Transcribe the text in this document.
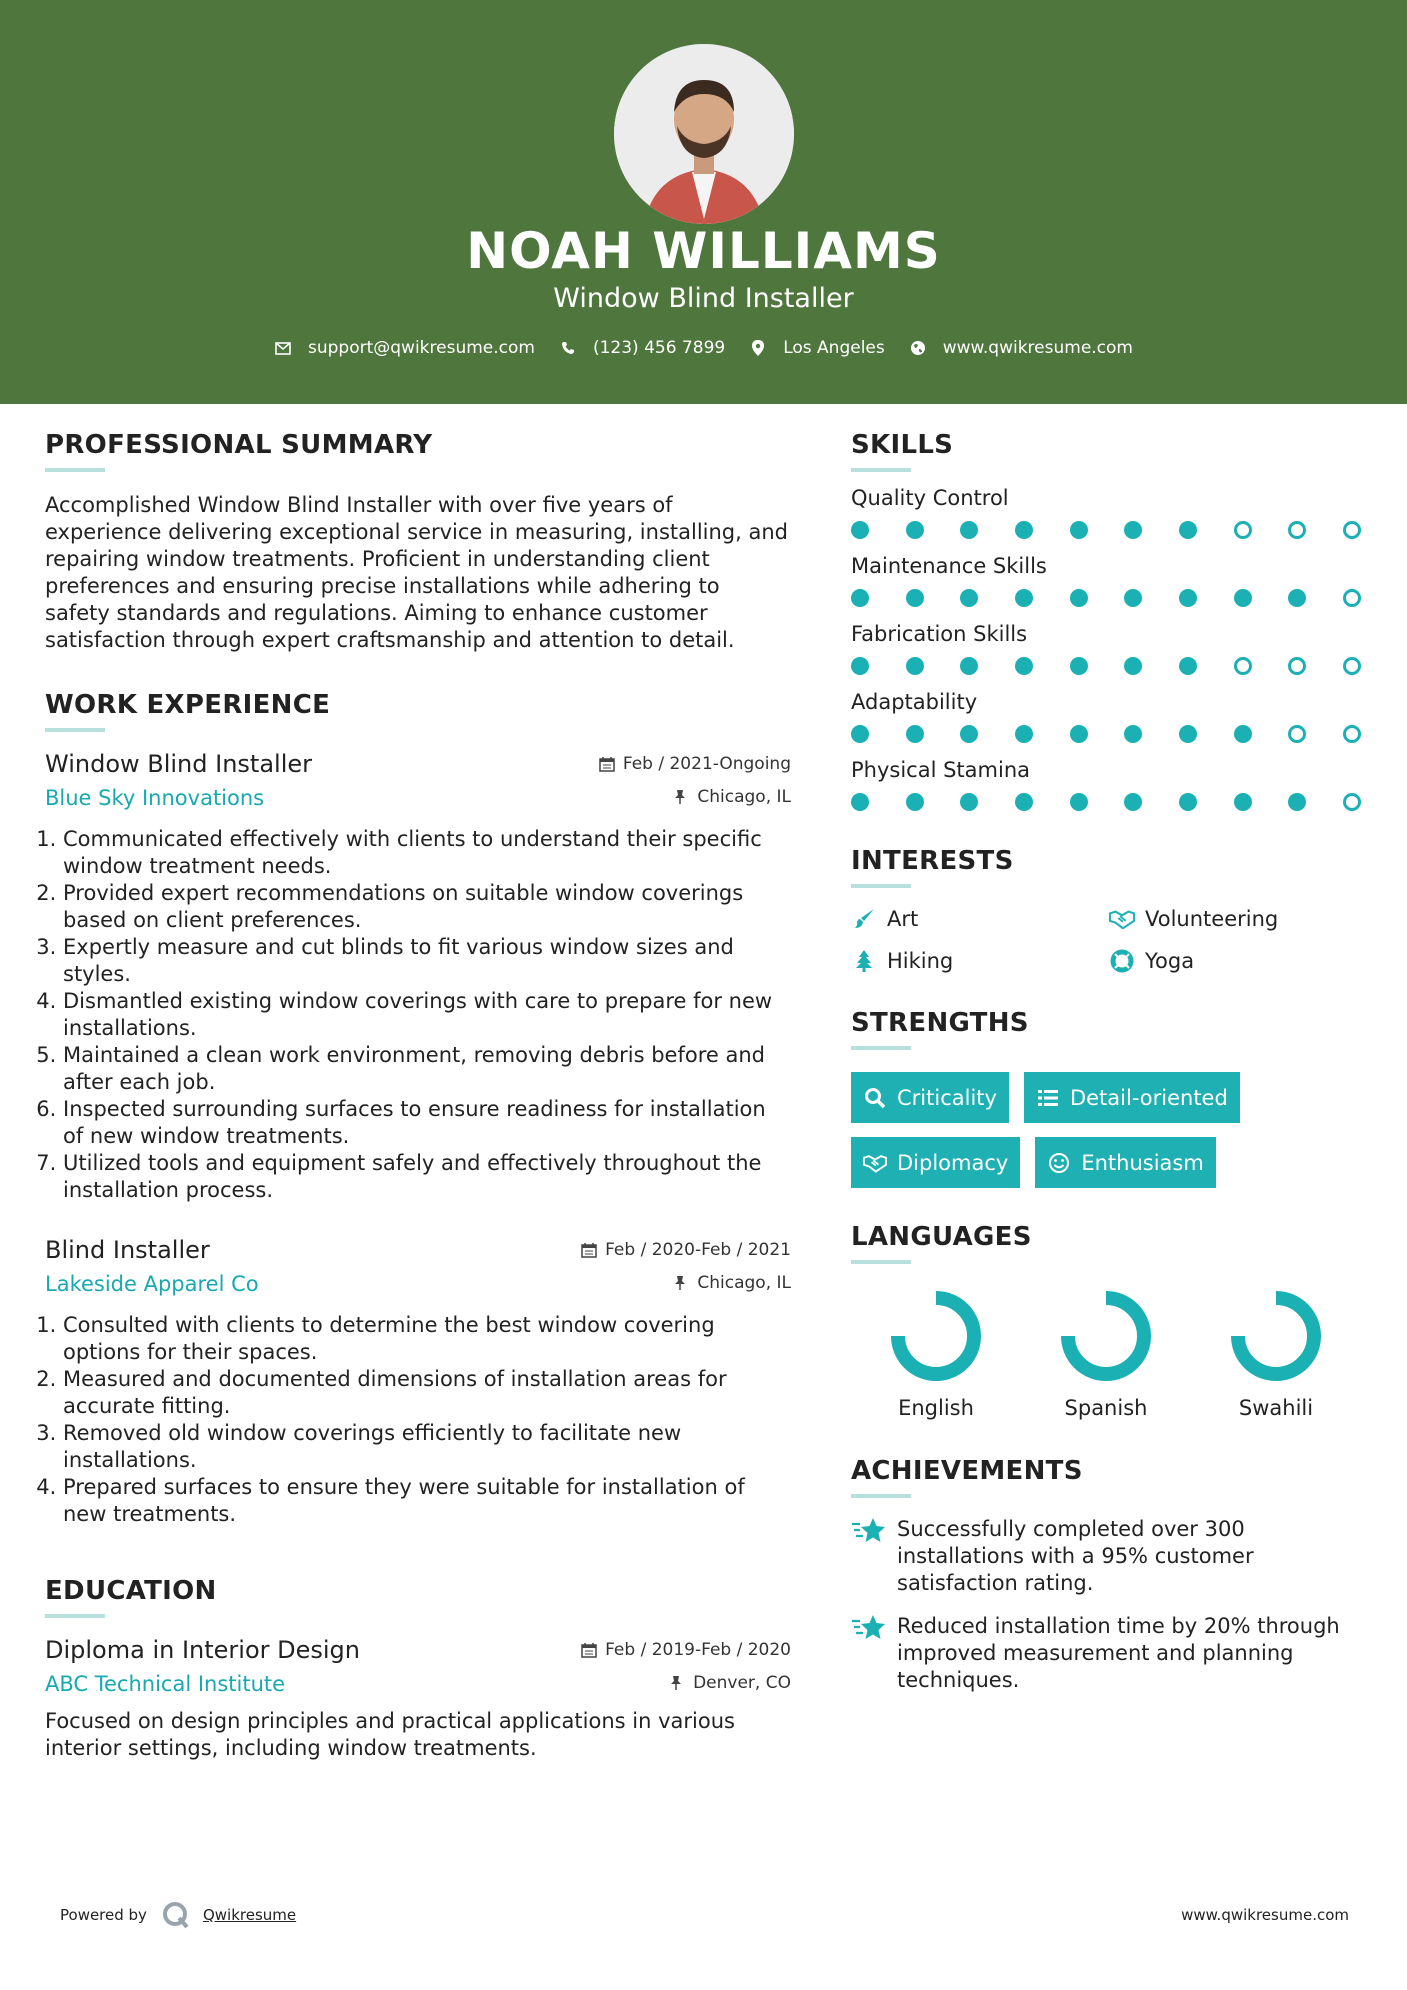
NOAH WILLIAMS
Window Blind Installer
support@qwikresume.com	(123) 456 7899	Los Angeles	www.qwikresume.com
PROFESSIONAL SUMMARY

Accomplished Window Blind Installer with over five years of experience delivering exceptional service in measuring, installing, and repairing window treatments. Proficient in understanding client preferences and ensuring precise installations while adhering to safety standards and regulations. Aiming to enhance customer satisfaction through expert craftsmanship and attention to detail.

WORK EXPERIENCE
Window Blind Installer	Feb / 2021-Ongoing
Blue Sky Innovations	Chicago, IL
1. Communicated effectively with clients to understand their specific window treatment needs.
2. Provided expert recommendations on suitable window coverings based on client preferences.
3. Expertly measure and cut blinds to fit various window sizes and styles.
4. Dismantled existing window coverings with care to prepare for new installations.
5. Maintained a clean work environment, removing debris before and after each job.
6. Inspected surrounding surfaces to ensure readiness for installation of new window treatments.
7. Utilized tools and equipment safely and effectively throughout the installation process.
Blind Installer	Feb / 2020-Feb / 2021
Lakeside Apparel Co	Chicago, IL
1. Consulted with clients to determine the best window covering options for their spaces.
2. Measured and documented dimensions of installation areas for accurate fitting.
3. Removed old window coverings efficiently to facilitate new installations.
4. Prepared surfaces to ensure they were suitable for installation of new treatments.
EDUCATION
Diploma in Interior Design	Feb / 2019-Feb / 2020
ABC Technical Institute	Denver, CO

Focused on design principles and practical applications in various interior settings, including window treatments.

SKILLS
Quality Control
Maintenance Skills
Fabrication Skills
Adaptability
Physical Stamina
INTERESTS
Art	Volunteering
Hiking	Yoga
STRENGTHS
Criticality	Detail-oriented
Diplomacy	Enthusiasm
LANGUAGES
English	Spanish	Swahili
ACHIEVEMENTS
Successfully completed over 300 installations with a 95% customer satisfaction rating.
Reduced installation time by 20% through improved measurement and planning techniques.
Powered by	Qwikresume	www.qwikresume.com
